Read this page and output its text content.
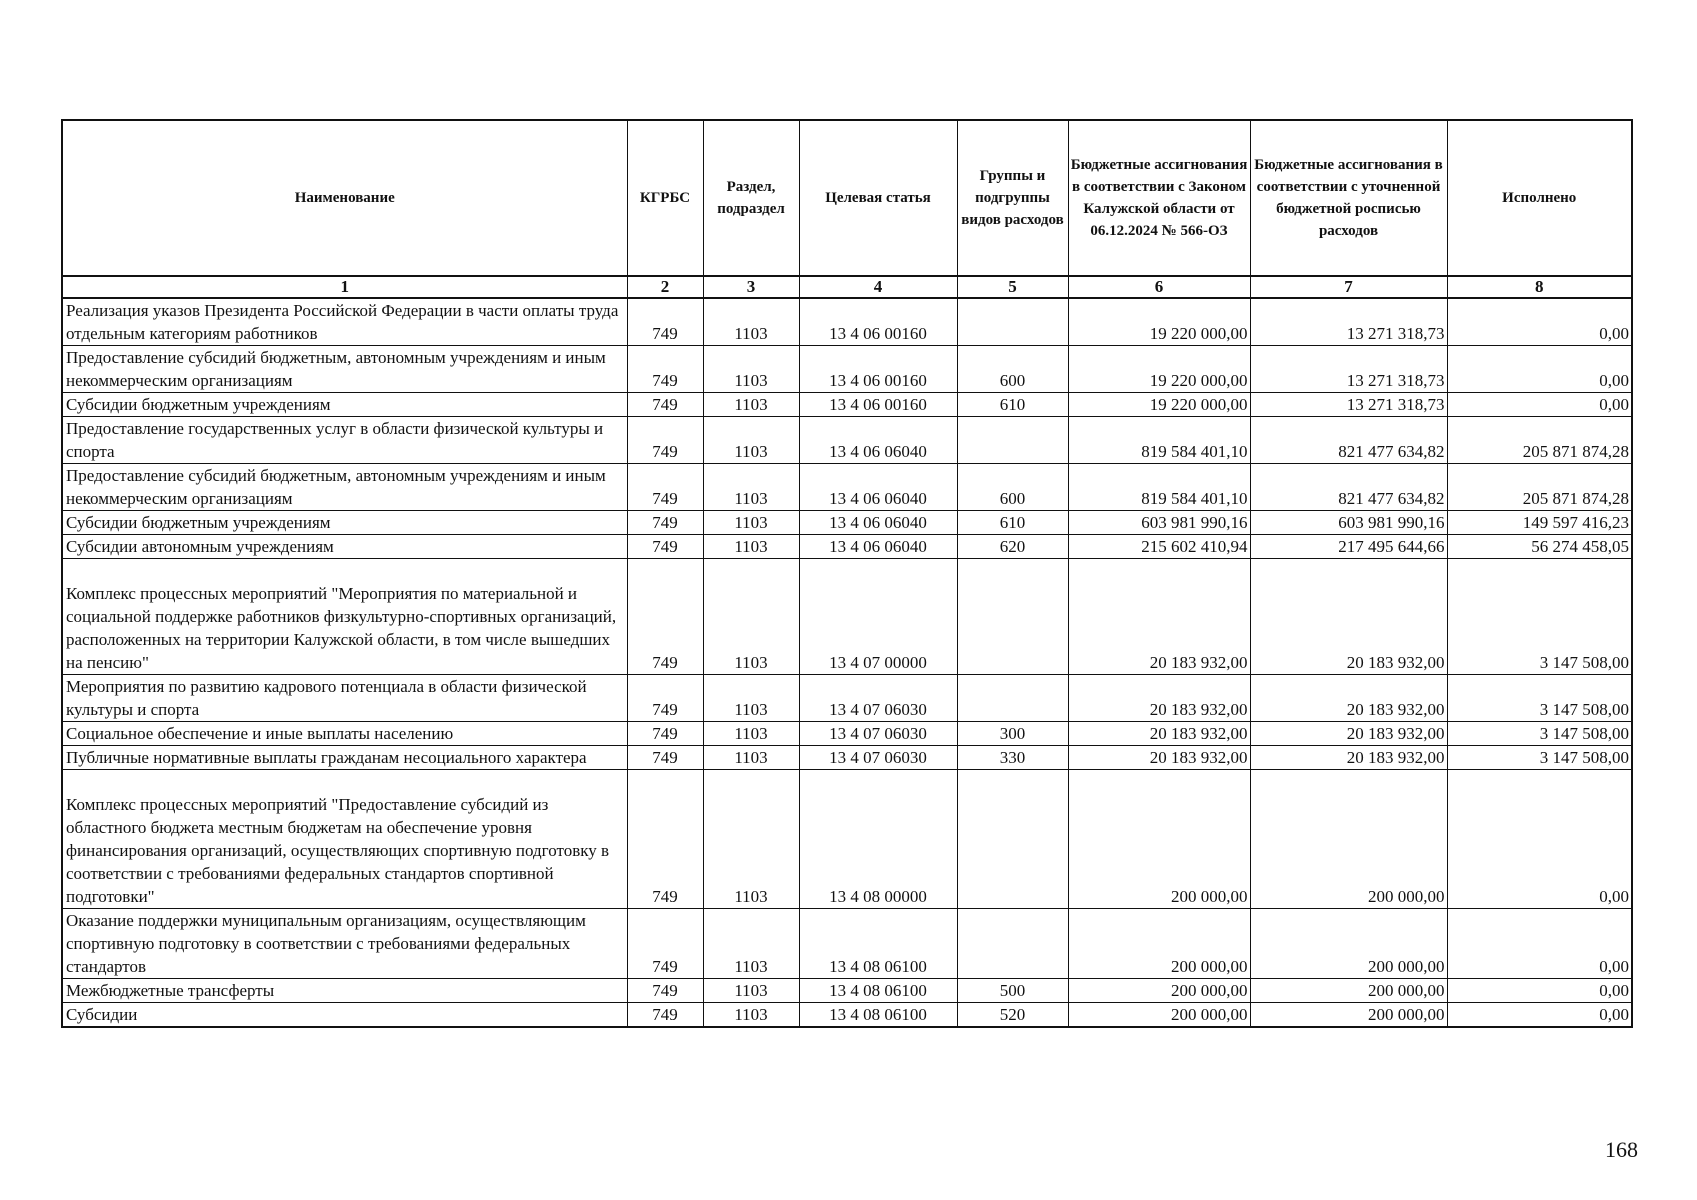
Наименование	КГРБС	Раздел, подраздел	Целевая статья	Группы и подгруппы видов расходов	Бюджетные ассигнования в соответствии с Законом Калужской области от 06.12.2024 № 566-ОЗ	Бюджетные ассигнования в соответствии с уточненной бюджетной росписью расходов	Исполнено
1	2	3	4	5	6	7	8
Реализация указов Президента Российской Федерации в части оплаты труда отдельным категориям работников	749	1103	13 4 06 00160		19 220 000,00	13 271 318,73	0,00
Предоставление субсидий бюджетным, автономным учреждениям и иным некоммерческим организациям	749	1103	13 4 06 00160	600	19 220 000,00	13 271 318,73	0,00
Субсидии бюджетным учреждениям	749	1103	13 4 06 00160	610	19 220 000,00	13 271 318,73	0,00
Предоставление государственных услуг в области физической культуры и спорта	749	1103	13 4 06 06040		819 584 401,10	821 477 634,82	205 871 874,28
Предоставление субсидий бюджетным, автономным учреждениям и иным некоммерческим организациям	749	1103	13 4 06 06040	600	819 584 401,10	821 477 634,82	205 871 874,28
Субсидии бюджетным учреждениям	749	1103	13 4 06 06040	610	603 981 990,16	603 981 990,16	149 597 416,23
Субсидии автономным учреждениям	749	1103	13 4 06 06040	620	215 602 410,94	217 495 644,66	56 274 458,05
Комплекс процессных мероприятий "Мероприятия по материальной и социальной поддержке работников физкультурно-спортивных организаций, расположенных на территории Калужской области, в том числе вышедших на пенсию"	749	1103	13 4 07 00000		20 183 932,00	20 183 932,00	3 147 508,00
Мероприятия по развитию кадрового потенциала в области физической культуры и спорта	749	1103	13 4 07 06030		20 183 932,00	20 183 932,00	3 147 508,00
Социальное обеспечение и иные выплаты населению	749	1103	13 4 07 06030	300	20 183 932,00	20 183 932,00	3 147 508,00
Публичные нормативные выплаты гражданам несоциального характера	749	1103	13 4 07 06030	330	20 183 932,00	20 183 932,00	3 147 508,00
Комплекс процессных мероприятий "Предоставление субсидий из областного бюджета местным бюджетам на обеспечение уровня финансирования организаций, осуществляющих спортивную подготовку в соответствии с требованиями федеральных стандартов спортивной подготовки"	749	1103	13 4 08 00000		200 000,00	200 000,00	0,00
Оказание поддержки муниципальным организациям, осуществляющим спортивную подготовку в соответствии с требованиями федеральных стандартов	749	1103	13 4 08 06100		200 000,00	200 000,00	0,00
Межбюджетные трансферты	749	1103	13 4 08 06100	500	200 000,00	200 000,00	0,00
Субсидии	749	1103	13 4 08 06100	520	200 000,00	200 000,00	0,00
168
